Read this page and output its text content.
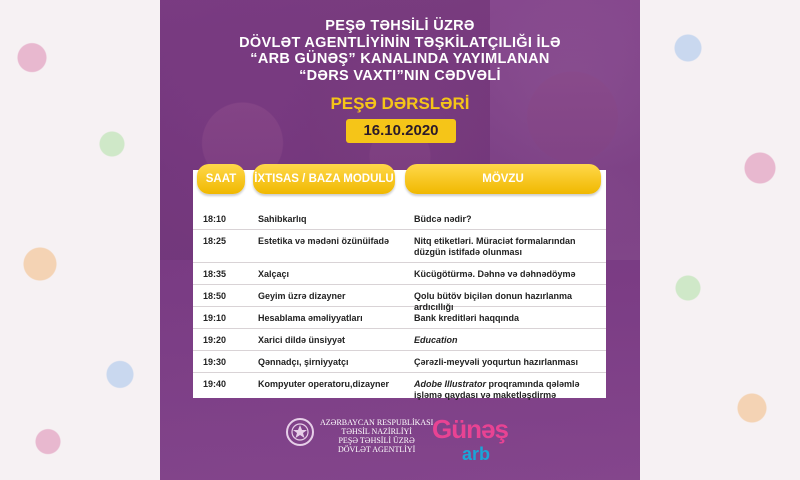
PEŞƏ TƏHSİLİ ÜZRƏ
DÖVLƏT AGENTLİYİNİN TƏŞKİLATÇILIĞI İLƏ
“ARB GÜNƏŞ” KANALINDA YAYIMLANAN
“DƏRS VAXTI”NIN CƏDVƏLİ
PEŞƏ DƏRSLƏRİ
16.10.2020
SAAT	İXTISAS / BAZA MODULU	MÖVZU
18:10	Sahibkarlıq	Büdcə nədir?
18:25	Estetika və mədəni özünüifadə	Nitq etiketləri. Müraciət formalarından düzgün istifadə olunması
18:35	Xalçaçı	Kücügötürmə. Dəhnə və dəhnədöymə
18:50	Geyim üzrə dizayner	Qolu bütöv biçilən donun hazırlanma ardıcıllığı
19:10	Hesablama əməliyyatları	Bank kreditləri haqqında
19:20	Xarici dildə ünsiyyət	Education
19:30	Qənnadçı, şirniyyatçı	Çərəzli-meyvəli yoqurtun hazırlanması
19:40	Kompyuter operatoru,dizayner	Adobe Illustrator proqramında qələmlə işləmə qaydası və maketləşdirmə
AZƏRBAYCAN RESPUBLİKASI
TƏHSİL NAZİRLİYİ
PEŞƏ TƏHSİLİ ÜZRƏ
DÖVLƏT AGENTLİYİ
Günəş
arb
